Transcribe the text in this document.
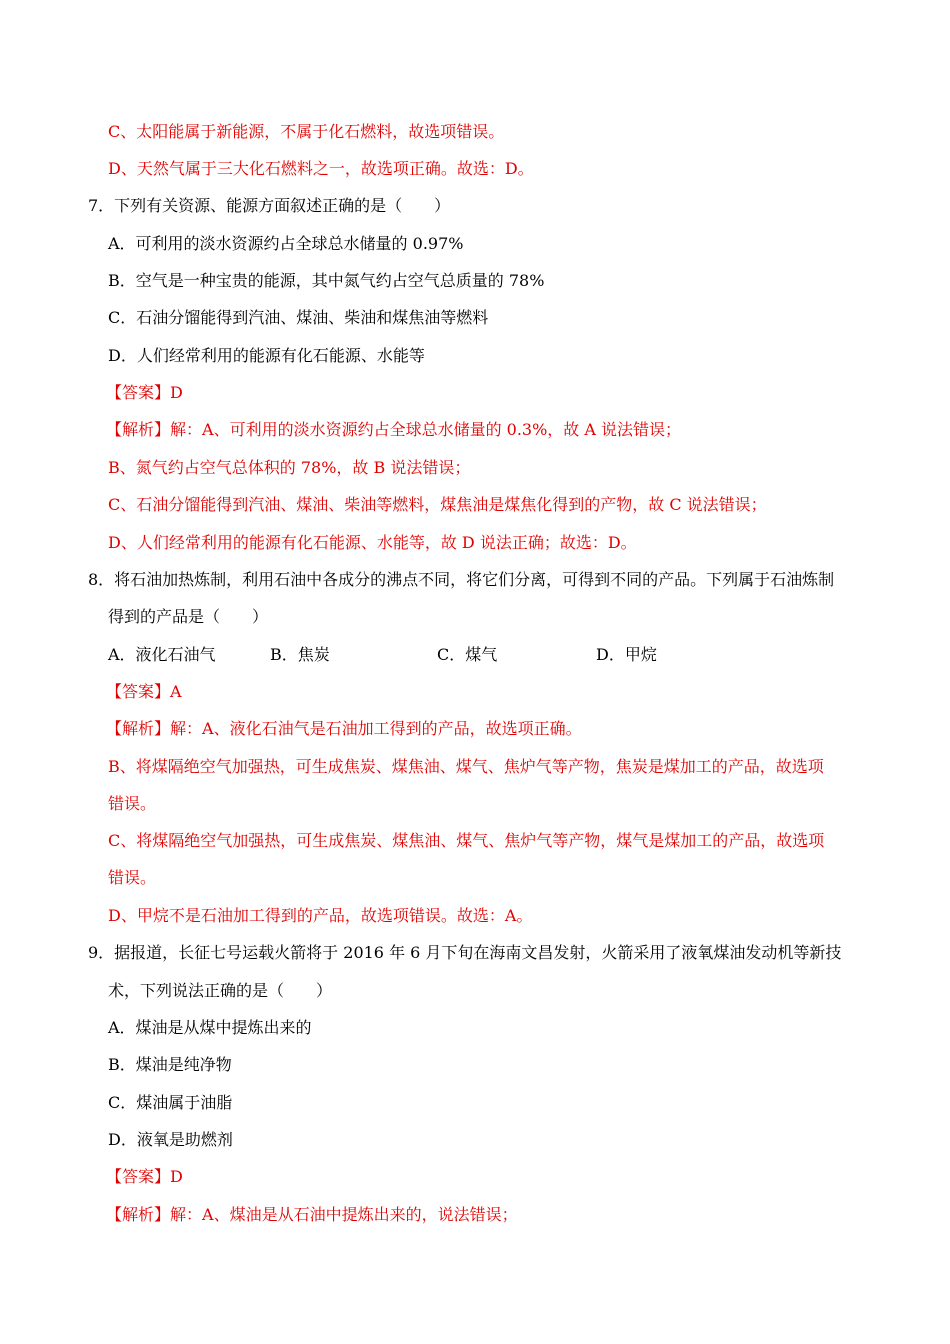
C、太阳能属于新能源，不属于化石燃料，故选项错误。
D、天然气属于三大化石燃料之一，故选项正确。故选：D。
7．下列有关资源、能源方面叙述正确的是（　　）
A．可利用的淡水资源约占全球总水储量的 0.97%
B．空气是一种宝贵的能源，其中氮气约占空气总质量的 78%
C．石油分馏能得到汽油、煤油、柴油和煤焦油等燃料
D．人们经常利用的能源有化石能源、水能等
【答案】D
【解析】解：A、可利用的淡水资源约占全球总水储量的 0.3%，故 A 说法错误；
B、氮气约占空气总体积的 78%，故 B 说法错误；
C、石油分馏能得到汽油、煤油、柴油等燃料，煤焦油是煤焦化得到的产物，故 C 说法错误；
D、人们经常利用的能源有化石能源、水能等，故 D 说法正确；故选：D。
8．将石油加热炼制，利用石油中各成分的沸点不同，将它们分离，可得到不同的产品。下列属于石油炼制
得到的产品是（　　）
A．液化石油气	B．焦炭	C．煤气	D．甲烷
【答案】A
【解析】解：A、液化石油气是石油加工得到的产品，故选项正确。
B、将煤隔绝空气加强热，可生成焦炭、煤焦油、煤气、焦炉气等产物，焦炭是煤加工的产品，故选项
错误。
C、将煤隔绝空气加强热，可生成焦炭、煤焦油、煤气、焦炉气等产物，煤气是煤加工的产品，故选项
错误。
D、甲烷不是石油加工得到的产品，故选项错误。故选：A。
9．据报道，长征七号运载火箭将于 2016 年 6 月下旬在海南文昌发射，火箭采用了液氧煤油发动机等新技
术，下列说法正确的是（　　）
A．煤油是从煤中提炼出来的
B．煤油是纯净物
C．煤油属于油脂
D．液氧是助燃剂
【答案】D
【解析】解：A、煤油是从石油中提炼出来的，说法错误；
